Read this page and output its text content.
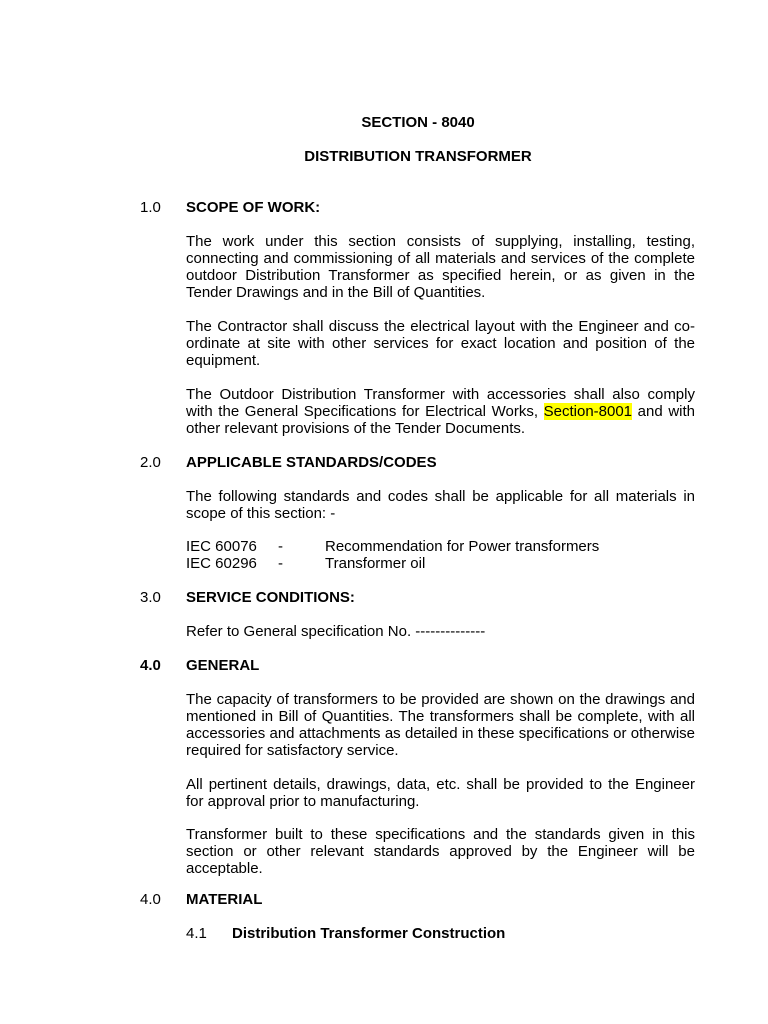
SECTION - 8040
DISTRIBUTION TRANSFORMER
1.0 SCOPE OF WORK:
The work under this section consists of supplying, installing, testing, connecting and commissioning of all materials and services of the complete outdoor Distribution Transformer as specified herein, or as given in the Tender Drawings and in the Bill of Quantities.
The Contractor shall discuss the electrical layout with the Engineer and co-ordinate at site with other services for exact location and position of the equipment.
The Outdoor Distribution Transformer with accessories shall also comply with the General Specifications for Electrical Works, Section-8001 and with other relevant provisions of the Tender Documents.
2.0 APPLICABLE STANDARDS/CODES
The following standards and codes shall be applicable for all materials in scope of this section: -
IEC 60076 -	Recommendation for Power transformers
IEC 60296 -	Transformer oil
3.0 SERVICE CONDITIONS:
Refer to General specification No. --------------
4.0 GENERAL
The capacity of transformers to be provided are shown on the drawings and mentioned in Bill of Quantities. The transformers shall be complete, with all accessories and attachments as detailed in these specifications or otherwise required for satisfactory service.
All pertinent details, drawings, data, etc. shall be provided to the Engineer for approval prior to manufacturing.
Transformer built to these specifications and the standards given in this section or other relevant standards approved by the Engineer will be acceptable.
4.0 MATERIAL
4.1 Distribution Transformer Construction
